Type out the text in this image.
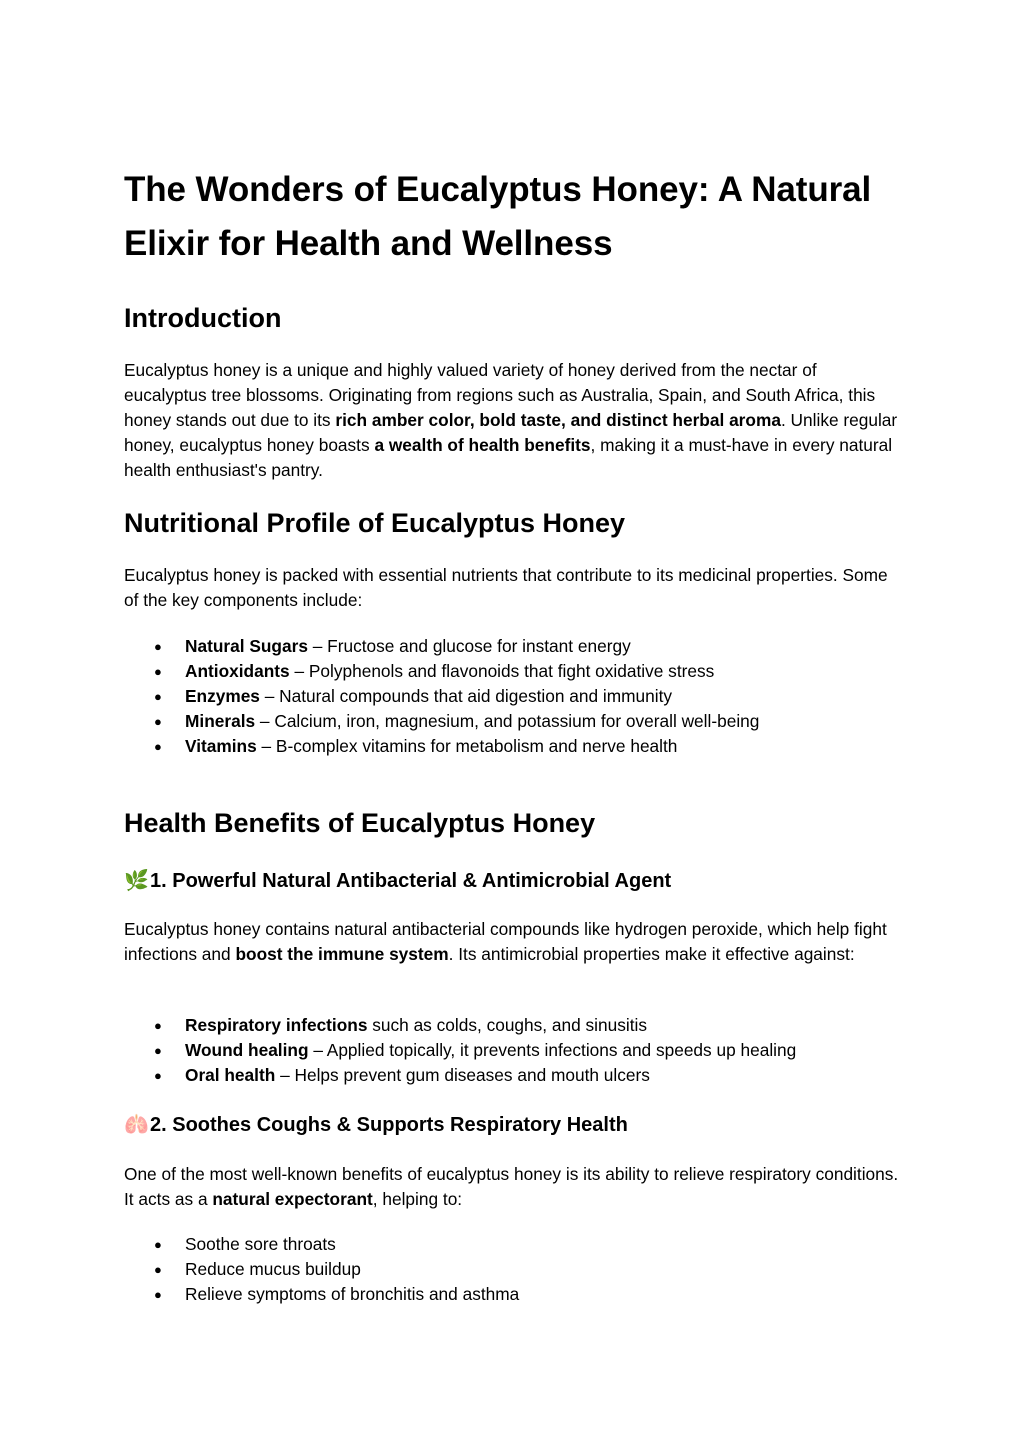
The Wonders of Eucalyptus Honey: A Natural Elixir for Health and Wellness
Introduction

Eucalyptus honey is a unique and highly valued variety of honey derived from the nectar of eucalyptus tree blossoms. Originating from regions such as Australia, Spain, and South Africa, this honey stands out due to its rich amber color, bold taste, and distinct herbal aroma. Unlike regular honey, eucalyptus honey boasts a wealth of health benefits, making it a must-have in every natural health enthusiast's pantry.

Nutritional Profile of Eucalyptus Honey

Eucalyptus honey is packed with essential nutrients that contribute to its medicinal properties. Some of the key components include:

● Natural Sugars – Fructose and glucose for instant energy
● Antioxidants – Polyphenols and flavonoids that fight oxidative stress
● Enzymes – Natural compounds that aid digestion and immunity
● Minerals – Calcium, iron, magnesium, and potassium for overall well-being
● Vitamins – B-complex vitamins for metabolism and nerve health
Health Benefits of Eucalyptus Honey
🌿1. Powerful Natural Antibacterial & Antimicrobial Agent

Eucalyptus honey contains natural antibacterial compounds like hydrogen peroxide, which help fight infections and boost the immune system. Its antimicrobial properties make it effective against:

● Respiratory infections such as colds, coughs, and sinusitis
● Wound healing – Applied topically, it prevents infections and speeds up healing
● Oral health – Helps prevent gum diseases and mouth ulcers
🫁2. Soothes Coughs & Supports Respiratory Health

One of the most well-known benefits of eucalyptus honey is its ability to relieve respiratory conditions. It acts as a natural expectorant, helping to:

● Soothe sore throats
● Reduce mucus buildup
● Relieve symptoms of bronchitis and asthma
